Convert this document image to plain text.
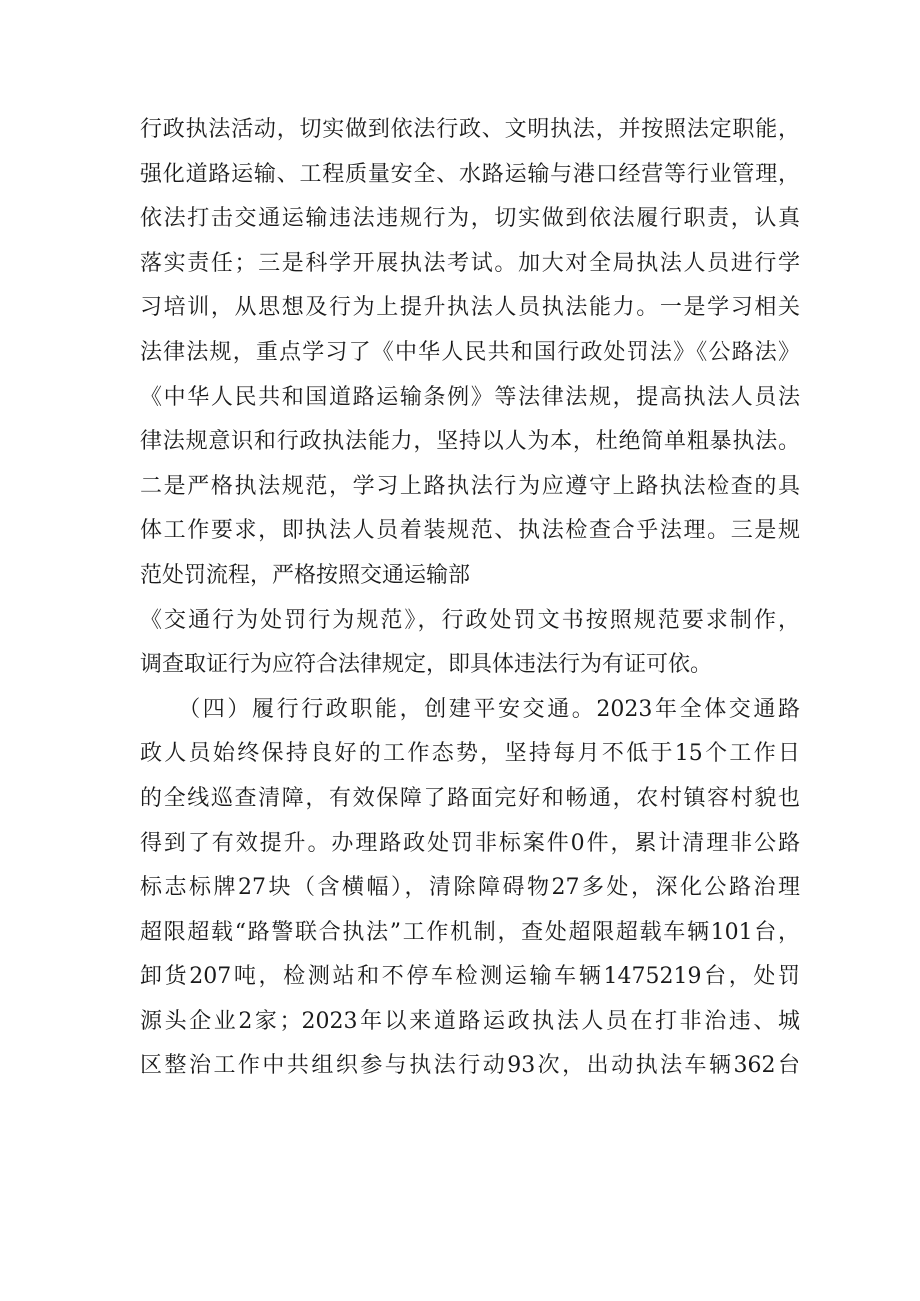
行政执法活动，切实做到依法行政、文明执法，并按照法定职能，
强化道路运输、工程质量安全、水路运输与港口经营等行业管理，
依法打击交通运输违法违规行为，切实做到依法履行职责，认真
落实责任；三是科学开展执法考试。加大对全局执法人员进行学
习培训，从思想及行为上提升执法人员执法能力。一是学习相关
法律法规，重点学习了《中华人民共和国行政处罚法》《公路法》
《中华人民共和国道路运输条例》等法律法规，提高执法人员法
律法规意识和行政执法能力，坚持以人为本，杜绝简单粗暴执法。
二是严格执法规范，学习上路执法行为应遵守上路执法检查的具
体工作要求，即执法人员着装规范、执法检查合乎法理。三是规
范处罚流程，严格按照交通运输部
《交通行为处罚行为规范》，行政处罚文书按照规范要求制作，
调查取证行为应符合法律规定，即具体违法行为有证可依。
　　（四）履行行政职能，创建平安交通。2023年全体交通路
政人员始终保持良好的工作态势，坚持每月不低于15个工作日
的全线巡查清障，有效保障了路面完好和畅通，农村镇容村貌也
得到了有效提升。办理路政处罚非标案件0件，累计清理非公路
标志标牌27块（含横幅），清除障碍物27多处，深化公路治理
超限超载“路警联合执法”工作机制，查处超限超载车辆101台，
卸货207吨，检测站和不停车检测运输车辆1475219台，处罚
源头企业2家；2023年以来道路运政执法人员在打非治违、城
区整治工作中共组织参与执法行动93次，出动执法车辆362台
